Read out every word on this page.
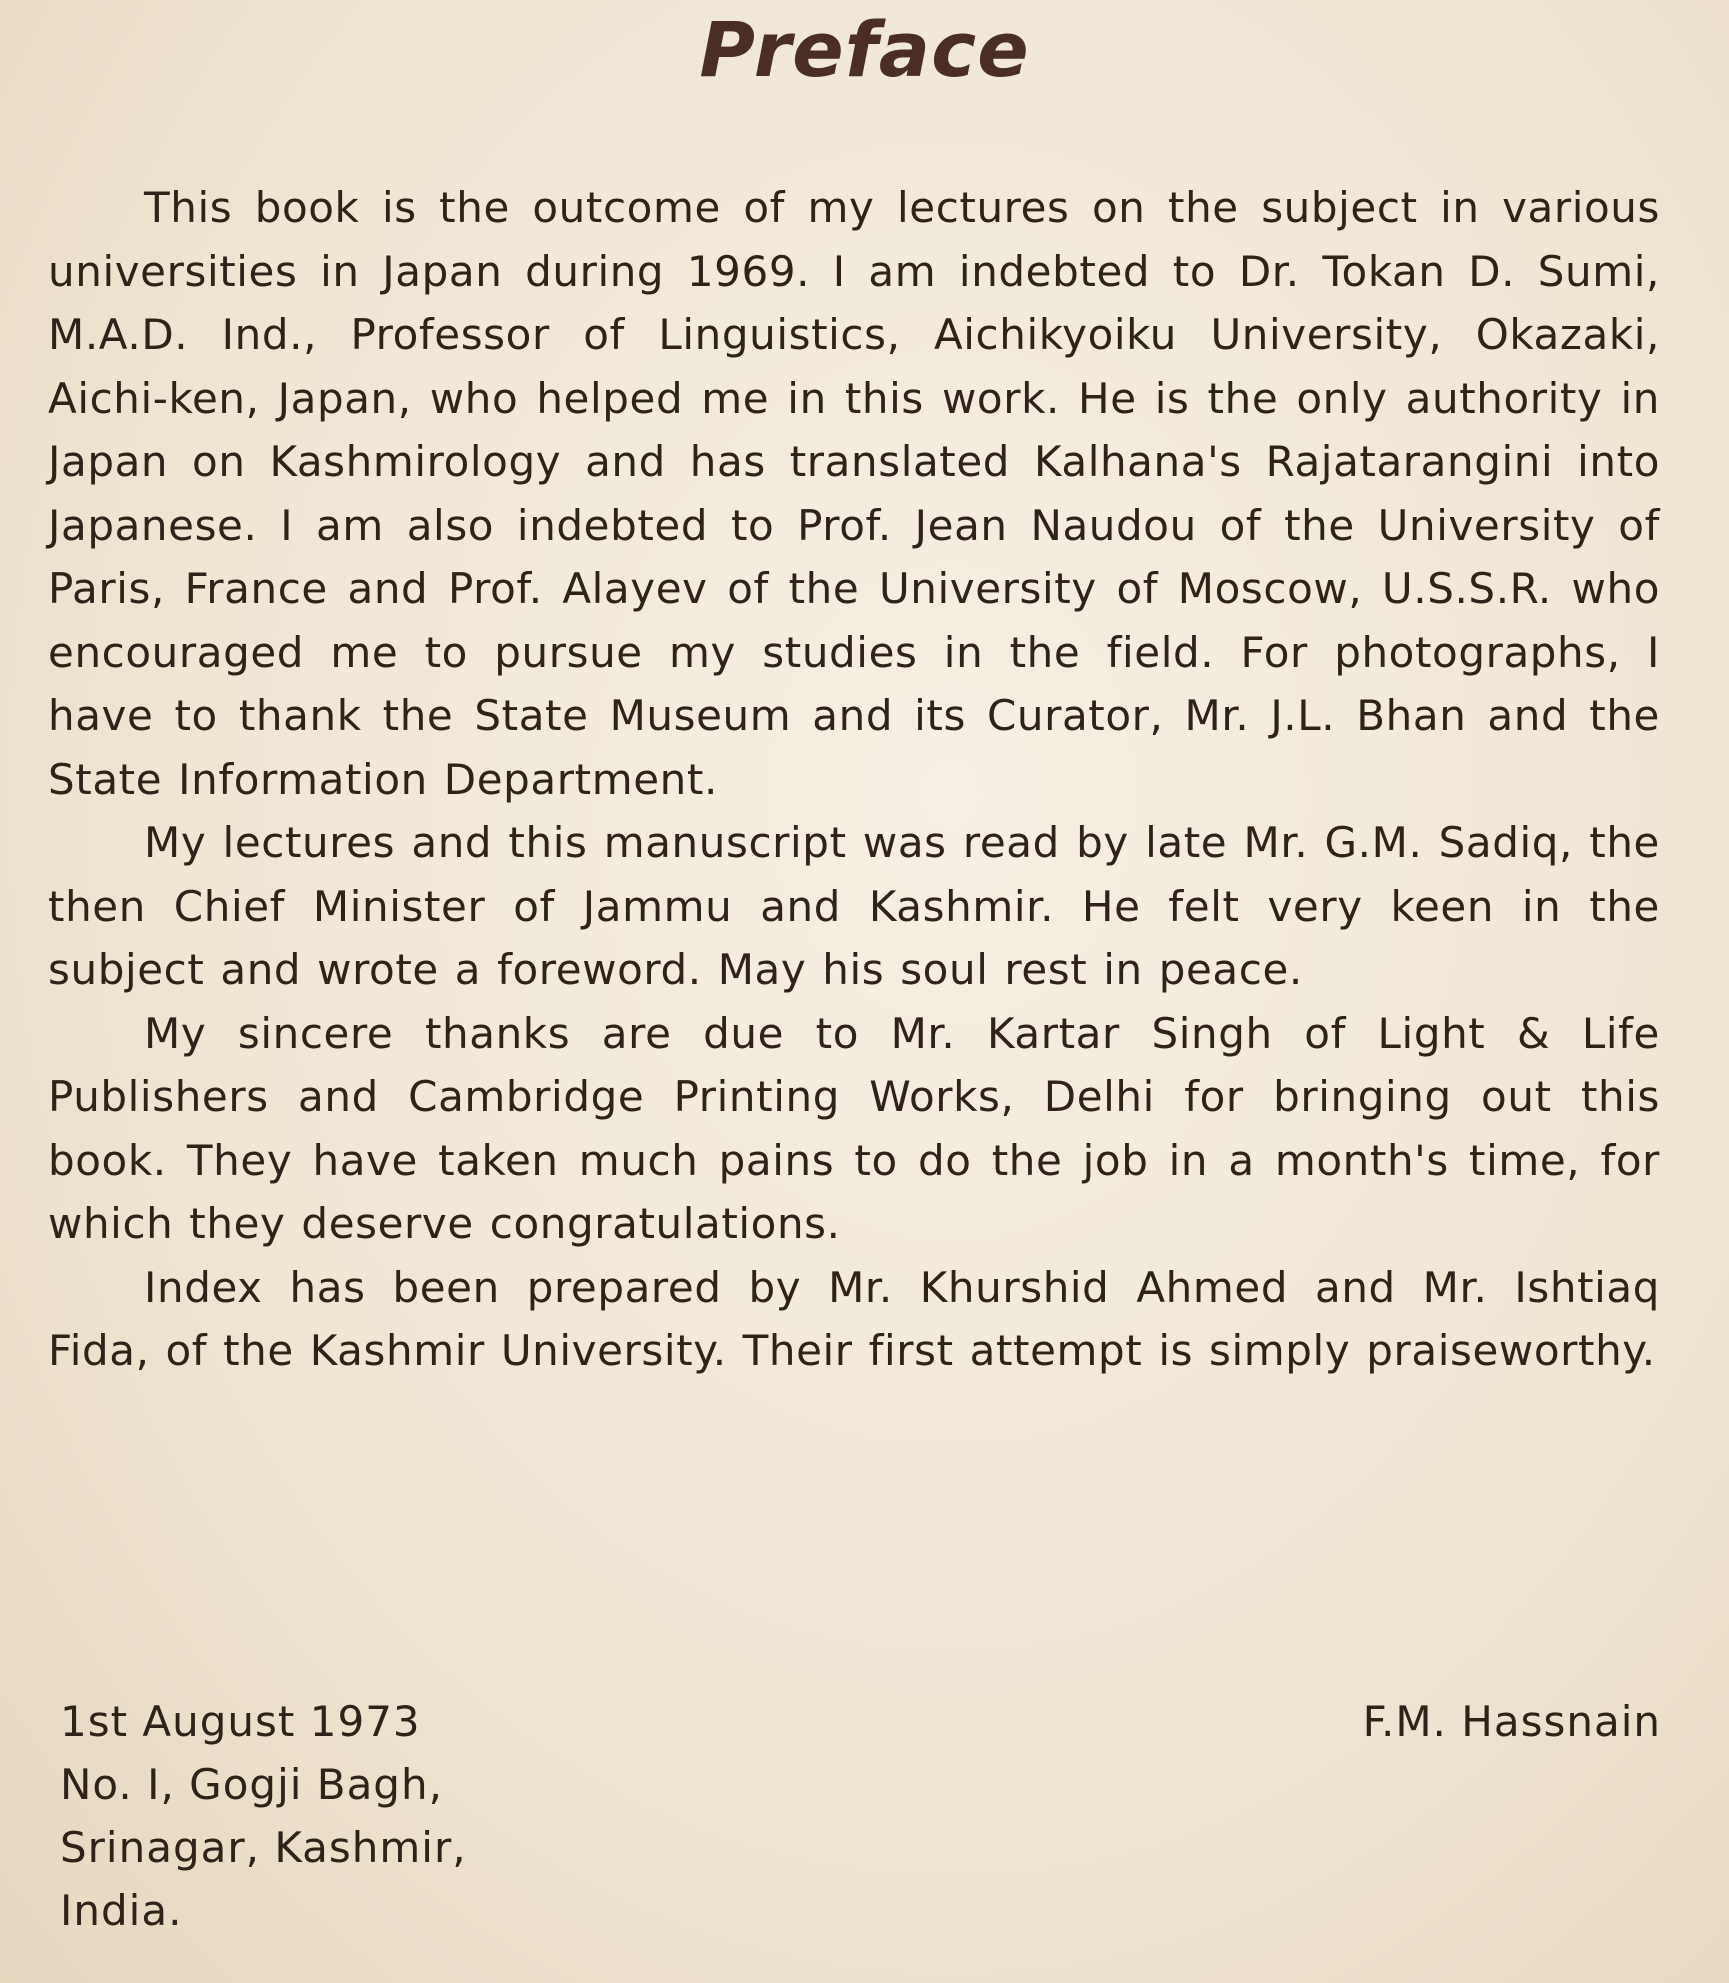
Preface

This book is the outcome of my lectures on the subject in various universities in Japan during 1969. I am indebted to Dr. Tokan D. Sumi, M.A.D. Ind., Professor of Linguistics, Aichikyoiku University, Okazaki, Aichi-ken, Japan, who helped me in this work. He is the only authority in Japan on Kashmirology and has translated Kalhana's Rajatarangini into Japanese. I am also indebted to Prof. Jean Naudou of the University of Paris, France and Prof. Alayev of the University of Moscow, U.S.S.R. who encouraged me to pursue my studies in the field. For photographs, I have to thank the State Museum and its Curator, Mr. J.L. Bhan and the State Information Department.

My lectures and this manuscript was read by late Mr. G.M. Sadiq, the then Chief Minister of Jammu and Kashmir. He felt very keen in the subject and wrote a foreword. May his soul rest in peace.

My sincere thanks are due to Mr. Kartar Singh of Light & Life Publishers and Cambridge Printing Works, Delhi for bringing out this book. They have taken much pains to do the job in a month's time, for which they deserve congratulations.

Index has been prepared by Mr. Khurshid Ahmed and Mr. Ishtiaq Fida, of the Kashmir University. Their first attempt is simply praiseworthy.

1st August 1973
No. I, Gogji Bagh,
Srinagar, Kashmir,
India.
F.M. Hassnain
